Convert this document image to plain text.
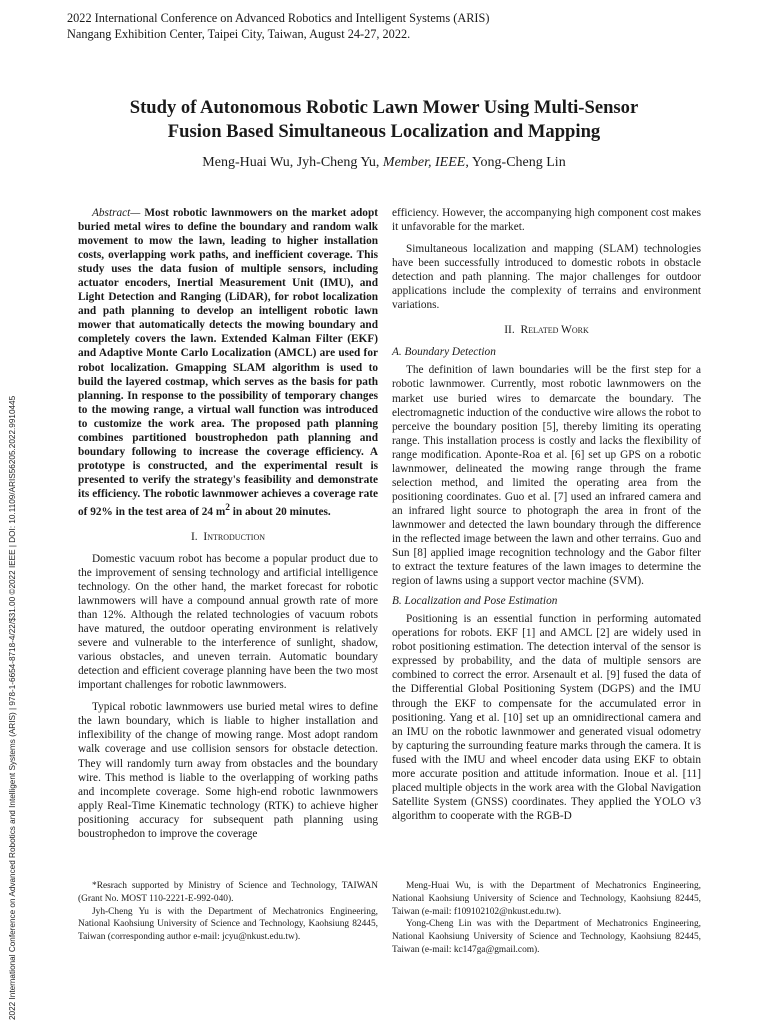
2022 International Conference on Advanced Robotics and Intelligent Systems (ARIS)
Nangang Exhibition Center, Taipei City, Taiwan, August 24-27, 2022.
2022 International Conference on Advanced Robotics and Intelligent Systems (ARIS) | 978-1-6654-8718-4/22/$31.00 ©2022 IEEE | DOI: 10.1109/ARIS56205.2022.9910445
Study of Autonomous Robotic Lawn Mower Using Multi-Sensor
Fusion Based Simultaneous Localization and Mapping
Meng-Huai Wu, Jyh-Cheng Yu, Member, IEEE, Yong-Cheng Lin

Abstract— Most robotic lawnmowers on the market adopt buried metal wires to define the boundary and random walk movement to mow the lawn, leading to higher installation costs, overlapping work paths, and inefficient coverage. This study uses the data fusion of multiple sensors, including actuator encoders, Inertial Measurement Unit (IMU), and Light Detection and Ranging (LiDAR), for robot localization and path planning to develop an intelligent robotic lawn mower that automatically detects the mowing boundary and completely covers the lawn. Extended Kalman Filter (EKF) and Adaptive Monte Carlo Localization (AMCL) are used for robot localization. Gmapping SLAM algorithm is used to build the layered costmap, which serves as the basis for path planning. In response to the possibility of temporary changes to the mowing range, a virtual wall function was introduced to customize the work area. The proposed path planning combines partitioned boustrophedon path planning and boundary following to increase the coverage efficiency. A prototype is constructed, and the experimental result is presented to verify the strategy's feasibility and demonstrate its efficiency. The robotic lawnmower achieves a coverage rate of 92% in the test area of 24 $m^2$ in about 20 minutes.

I. Introduction

Domestic vacuum robot has become a popular product due to the improvement of sensing technology and artificial intelligence technology. On the other hand, the market forecast for robotic lawnmowers will have a compound annual growth rate of more than 12%. Although the related technologies of vacuum robots have matured, the outdoor operating environment is relatively severe and vulnerable to the interference of sunlight, shadow, various obstacles, and uneven terrain. Automatic boundary detection and efficient coverage planning have been the two most important challenges for robotic lawnmowers.

Typical robotic lawnmowers use buried metal wires to define the lawn boundary, which is liable to higher installation and inflexibility of the change of mowing range. Most adopt random walk coverage and use collision sensors for obstacle detection. They will randomly turn away from obstacles and the boundary wire. This method is liable to the overlapping of working paths and incomplete coverage. Some high-end robotic lawnmowers apply Real-Time Kinematic technology (RTK) to achieve higher positioning accuracy for subsequent path planning using boustrophedon to improve the coverage

efficiency. However, the accompanying high component cost makes it unfavorable for the market.

Simultaneous localization and mapping (SLAM) technologies have been successfully introduced to domestic robots in obstacle detection and path planning. The major challenges for outdoor applications include the complexity of terrains and environment variations.

II. Related Work
A. Boundary Detection

The definition of lawn boundaries will be the first step for a robotic lawnmower. Currently, most robotic lawnmowers on the market use buried wires to demarcate the boundary. The electromagnetic induction of the conductive wire allows the robot to perceive the boundary position [5], thereby limiting its operating range. This installation process is costly and lacks the flexibility of range modification. Aponte-Roa et al. [6] set up GPS on a robotic lawnmower, delineated the mowing range through the frame selection method, and limited the operating area from the positioning coordinates. Guo et al. [7] used an infrared camera and an infrared light source to photograph the area in front of the lawnmower and detected the lawn boundary through the difference in the reflected image between the lawn and other terrains. Guo and Sun [8] applied image recognition technology and the Gabor filter to extract the texture features of the lawn images to determine the region of lawns using a support vector machine (SVM).

B. Localization and Pose Estimation

Positioning is an essential function in performing automated operations for robots. EKF [1] and AMCL [2] are widely used in robot positioning estimation. The detection interval of the sensor is expressed by probability, and the data of multiple sensors are combined to correct the error. Arsenault et al. [9] fused the data of the Differential Global Positioning System (DGPS) and the IMU through the EKF to compensate for the accumulated error in positioning. Yang et al. [10] set up an omnidirectional camera and an IMU on the robotic lawnmower and generated visual odometry by capturing the surrounding feature marks through the camera. It is fused with the IMU and wheel encoder data using EKF to obtain more accurate position and attitude information. Inoue et al. [11] placed multiple objects in the work area with the Global Navigation Satellite System (GNSS) coordinates. They applied the YOLO v3 algorithm to cooperate with the RGB-D

*Resrach supported by Ministry of Science and Technology, TAIWAN (Grant No. MOST 110-2221-E-992-040).

Jyh-Cheng Yu is with the Department of Mechatronics Engineering, National Kaohsiung University of Science and Technology, Kaohsiung 82445, Taiwan (corresponding author e-mail: jcyu@nkust.edu.tw).

Meng-Huai Wu, is with the Department of Mechatronics Engineering, National Kaohsiung University of Science and Technology, Kaohsiung 82445, Taiwan (e-mail: f109102102@nkust.edu.tw).

Yong-Cheng Lin was with the Department of Mechatronics Engineering, National Kaohsiung University of Science and Technology, Kaohsiung 82445, Taiwan (e-mail: kc147ga@gmail.com).
